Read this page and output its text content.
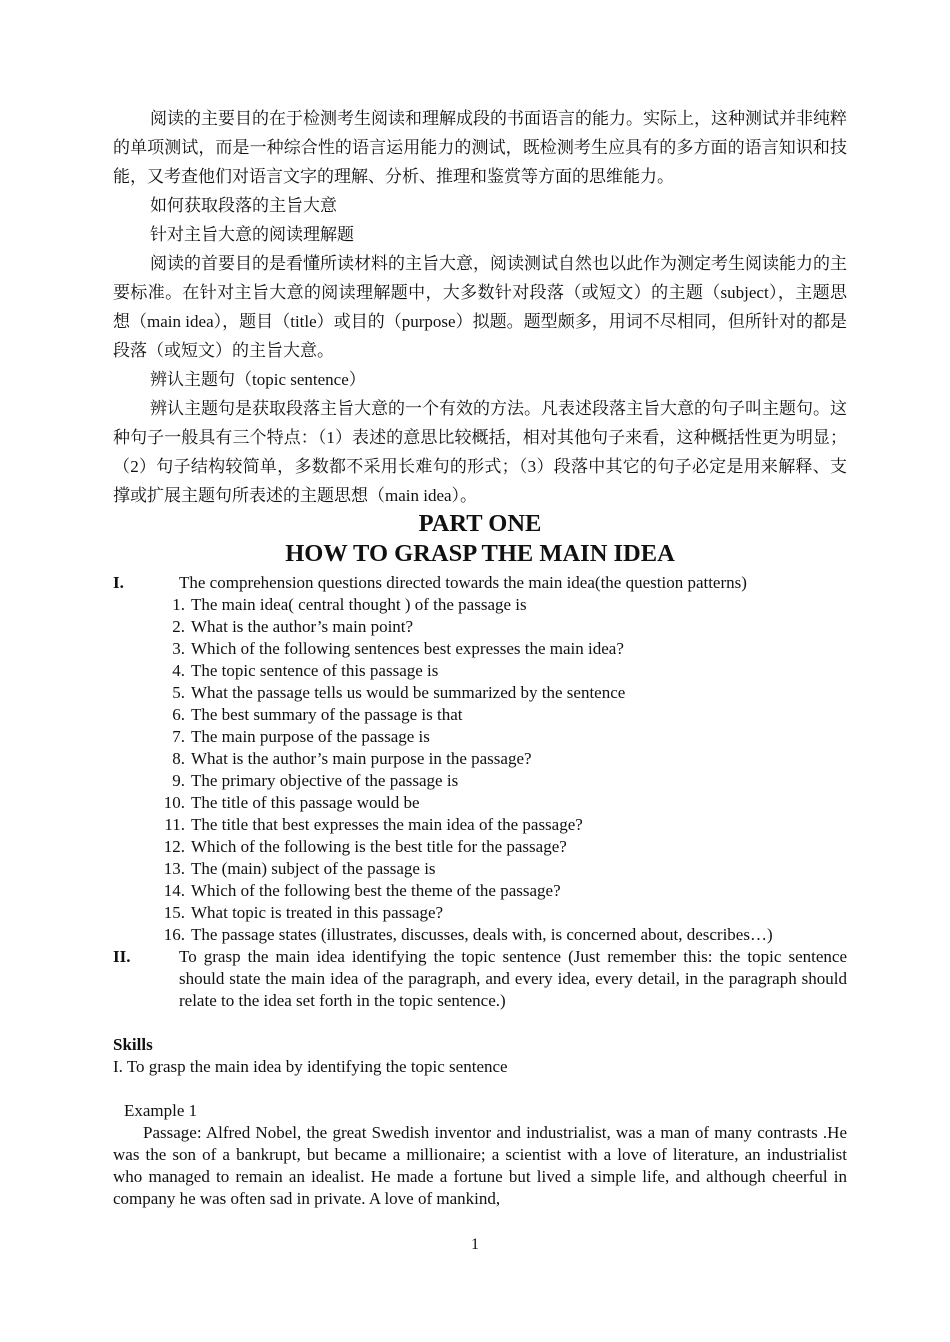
阅读的主要目的在于检测考生阅读和理解成段的书面语言的能力。实际上，这种测试并非纯粹的单项测试，而是一种综合性的语言运用能力的测试，既检测考生应具有的多方面的语言知识和技能，又考查他们对语言文字的理解、分析、推理和鉴赏等方面的思维能力。

如何获取段落的主旨大意

针对主旨大意的阅读理解题

阅读的首要目的是看懂所读材料的主旨大意，阅读测试自然也以此作为测定考生阅读能力的主要标准。在针对主旨大意的阅读理解题中，大多数针对段落（或短文）的主题（subject），主题思想（main idea），题目（title）或目的（purpose）拟题。题型颇多，用词不尽相同，但所针对的都是段落（或短文）的主旨大意。

辨认主题句（topic sentence）

辨认主题句是获取段落主旨大意的一个有效的方法。凡表述段落主旨大意的句子叫主题句。这种句子一般具有三个特点：（1）表述的意思比较概括，相对其他句子来看，这种概括性更为明显；（2）句子结构较简单，多数都不采用长难句的形式；（3）段落中其它的句子必定是用来解释、支撑或扩展主题句所表述的主题思想（main idea）。

PART ONE

HOW TO GRASP THE MAIN IDEA

I.	The comprehension questions directed towards the main idea(the question patterns)
1. The main idea( central thought ) of the passage is
2. What is the author’s main point?
3. Which of the following sentences best expresses the main idea?
4. The topic sentence of this passage is
5. What the passage tells us would be summarized by the sentence
6. The best summary of the passage is that
7. The main purpose of the passage is
8. What is the author’s main purpose in the passage?
9. The primary objective of the passage is
10. The title of this passage would be
11. The title that best expresses the main idea of the passage?
12. Which of the following is the best title for the passage?
13. The (main) subject of the passage is
14. Which of the following best the theme of the passage?
15. What topic is treated in this passage?
16. The passage states (illustrates, discusses, deals with, is concerned about, describes…)
II.	To grasp the main idea identifying the topic sentence (Just remember this: the topic sentence should state the main idea of the paragraph, and every idea, every detail, in the paragraph should relate to the idea set forth in the topic sentence.)

Skills

I. To grasp the main idea by identifying the topic sentence

Example 1

Passage: Alfred Nobel, the great Swedish inventor and industrialist, was a man of many contrasts .He was the son of a bankrupt, but became a millionaire; a scientist with a love of literature, an industrialist who managed to remain an idealist. He made a fortune but lived a simple life, and although cheerful in company he was often sad in private. A love of mankind,

1
